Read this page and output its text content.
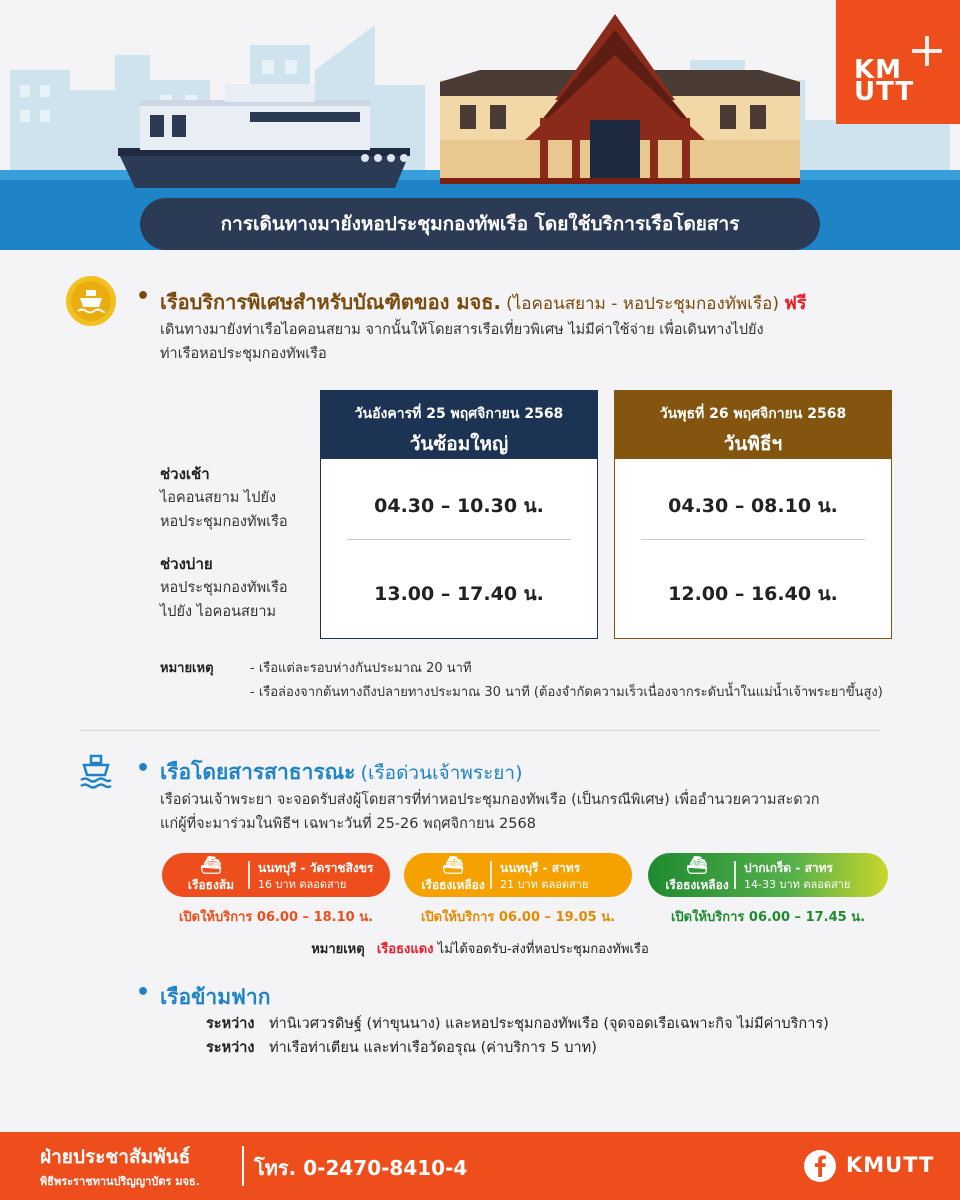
KM
UTT
การเดินทางมายังหอประชุมกองทัพเรือ โดยใช้บริการเรือโดยสาร
• เรือบริการพิเศษสำหรับบัณฑิตของ มจธ. (ไอคอนสยาม - หอประชุมกองทัพเรือ) ฟรี
เดินทางมายังท่าเรือไอคอนสยาม จากนั้นให้โดยสารเรือเที่ยวพิเศษ ไม่มีค่าใช้จ่าย เพื่อเดินทางไปยัง
ท่าเรือหอประชุมกองทัพเรือ
ช่วงเช้า
ไอคอนสยาม ไปยัง
หอประชุมกองทัพเรือ
ช่วงบ่าย
หอประชุมกองทัพเรือ
ไปยัง ไอคอนสยาม
วันอังคารที่ 25 พฤศจิกายน 2568
วันซ้อมใหญ่
04.30 – 10.30 น.
13.00 – 17.40 น.
วันพุธที่ 26 พฤศจิกายน 2568
วันพิธีฯ
04.30 – 08.10 น.
12.00 – 16.40 น.
หมายเหตุ	- เรือแต่ละรอบห่างกันประมาณ 20 นาที
- เรือล่องจากต้นทางถึงปลายทางประมาณ 30 นาที (ต้องจำกัดความเร็วเนื่องจากระดับน้ำในแม่น้ำเจ้าพระยาขึ้นสูง)
• เรือโดยสารสาธารณะ (เรือด่วนเจ้าพระยา)
เรือด่วนเจ้าพระยา จะจอดรับส่งผู้โดยสารที่ท่าหอประชุมกองทัพเรือ (เป็นกรณีพิเศษ) เพื่ออำนวยความสะดวก
แก่ผู้ที่จะมาร่วมในพิธีฯ เฉพาะวันที่ 25-26 พฤศจิกายน 2568
⛴
เรือธงส้ม
นนทบุรี - วัดราชสิงขร
16 บาท ตลอดสาย
เปิดให้บริการ 06.00 – 18.10 น.
⛴
เรือธงเหลือง
นนทบุรี - สาทร
21 บาท ตลอดสาย
เปิดให้บริการ 06.00 – 19.05 น.
⛴
เรือธงเหลือง
ปากเกร็ด - สาทร
14-33 บาท ตลอดสาย
เปิดให้บริการ 06.00 – 17.45 น.
หมายเหตุ เรือธงแดง ไม่ได้จอดรับ-ส่งที่หอประชุมกองทัพเรือ
• เรือข้ามฟาก
ระหว่าง ท่านิเวศวรดิษฐ์ (ท่าขุนนาง) และหอประชุมกองทัพเรือ (จุดจอดเรือเฉพาะกิจ ไม่มีค่าบริการ)
ระหว่าง ท่าเรือท่าเตียน และท่าเรือวัดอรุณ (ค่าบริการ 5 บาท)
ฝ่ายประชาสัมพันธ์
พิธีพระราชทานปริญญาบัตร มจธ.
โทร. 0-2470-8410-4	KMUTT
